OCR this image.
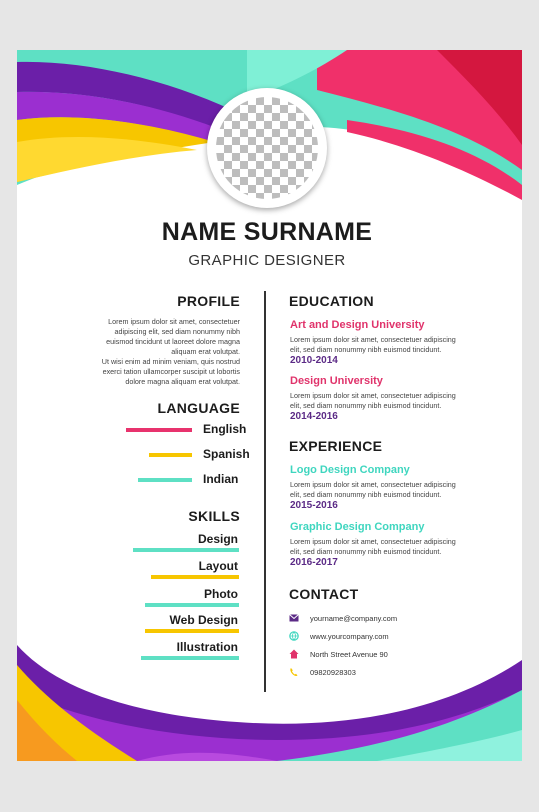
NAME SURNAME
GRAPHIC DESIGNER
PROFILE
Lorem ipsum dolor sit amet, consectetuer adipiscing elit, sed diam nonummy nibh euismod tincidunt ut laoreet dolore magna aliquam erat volutpat.
Ut wisi enim ad minim veniam, quis nostrud exerci tation ullamcorper suscipit ut lobortis dolore magna aliquam erat volutpat.
LANGUAGE
English
Spanish
Indian
SKILLS
Design
Layout
Photo
Web Design
Illustration
EDUCATION
Art and Design University
Lorem ipsum dolor sit amet, consectetuer adipiscing elit, sed diam nonummy nibh euismod tincidunt.
2010-2014
Design University
Lorem ipsum dolor sit amet, consectetuer adipiscing elit, sed diam nonummy nibh euismod tincidunt.
2014-2016
EXPERIENCE
Logo Design Company
Lorem ipsum dolor sit amet, consectetuer adipiscing elit, sed diam nonummy nibh euismod tincidunt.
2015-2016
Graphic Design Company
Lorem ipsum dolor sit amet, consectetuer adipiscing elit, sed diam nonummy nibh euismod tincidunt.
2016-2017
CONTACT
yourname@company.com
www.yourcompany.com
North Street Avenue 90
09820928303
